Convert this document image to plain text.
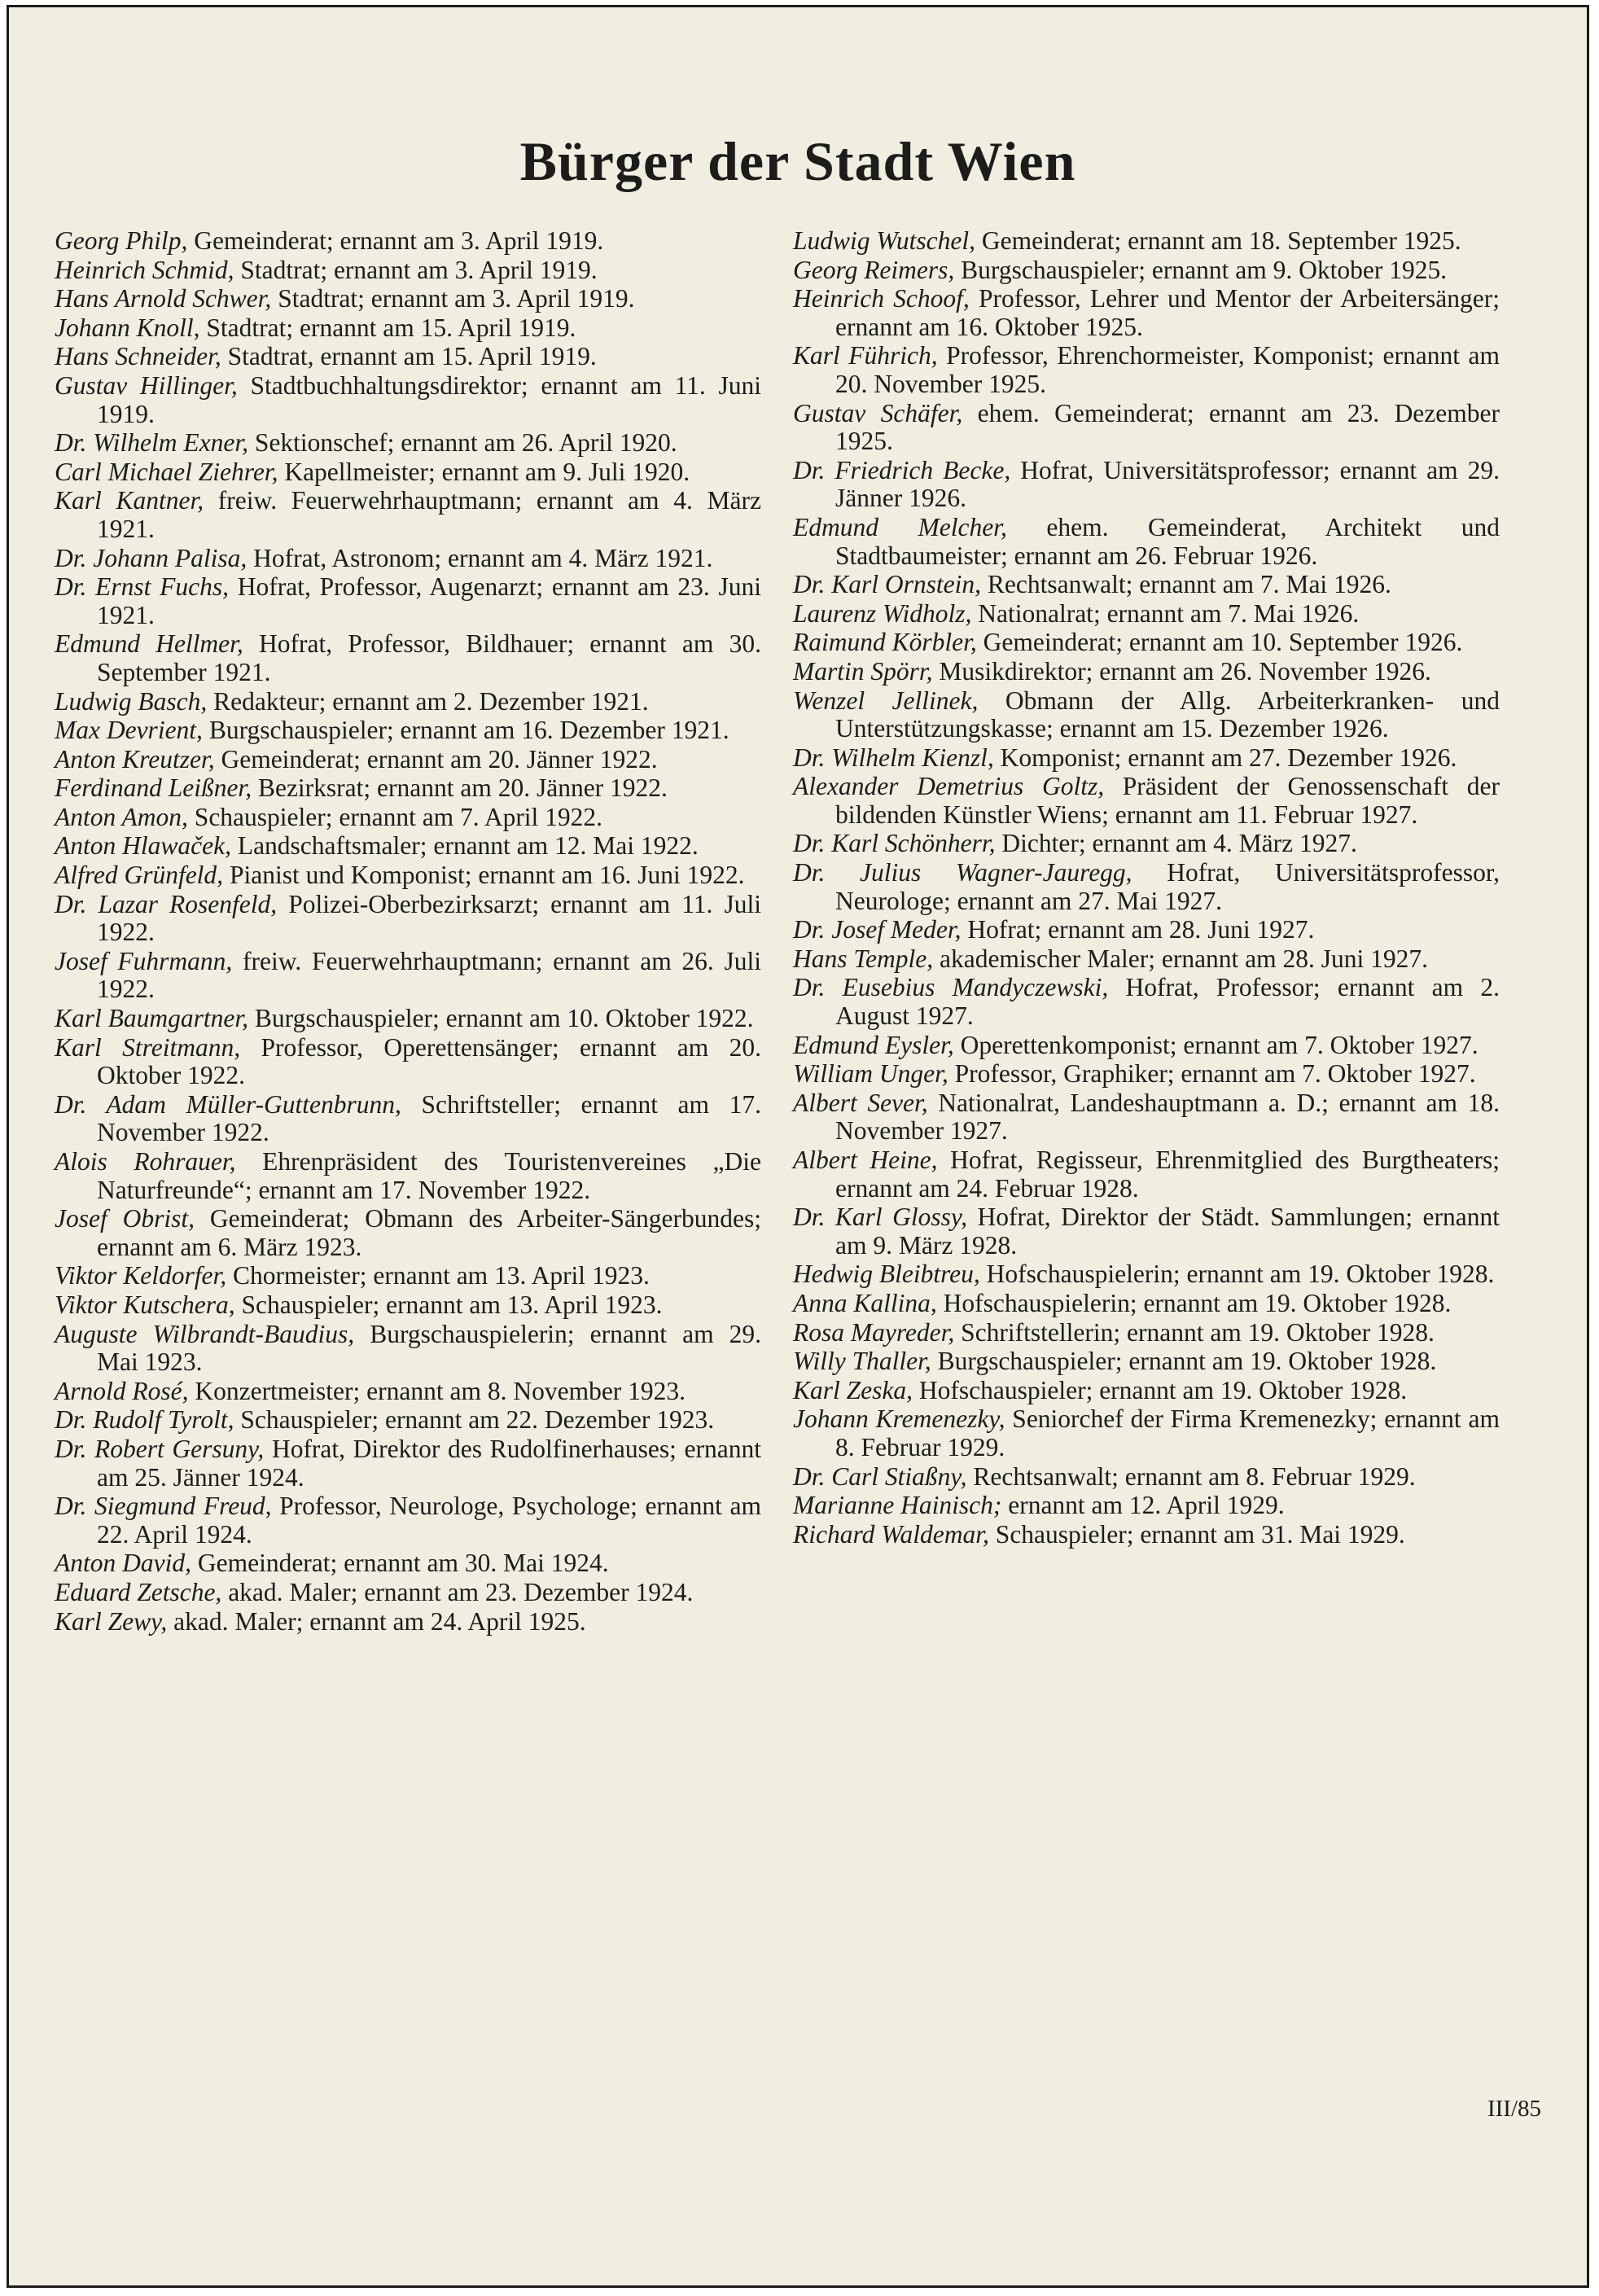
Bürger der Stadt Wien

Georg Philp, Gemeinderat; ernannt am 3. April 1919.

Heinrich Schmid, Stadtrat; ernannt am 3. April 1919.

Hans Arnold Schwer, Stadtrat; ernannt am 3. April 1919.

Johann Knoll, Stadtrat; ernannt am 15. April 1919.

Hans Schneider, Stadtrat, ernannt am 15. April 1919.

Gustav Hillinger, Stadtbuchhaltungsdirektor; ernannt am 11. Juni 1919.

Dr. Wilhelm Exner, Sektionschef; ernannt am 26. April 1920.

Carl Michael Ziehrer, Kapellmeister; ernannt am 9. Juli 1920.

Karl Kantner, freiw. Feuerwehrhauptmann; ernannt am 4. März 1921.

Dr. Johann Palisa, Hofrat, Astronom; ernannt am 4. März 1921.

Dr. Ernst Fuchs, Hofrat, Professor, Augenarzt; ernannt am 23. Juni 1921.

Edmund Hellmer, Hofrat, Professor, Bildhauer; ernannt am 30. September 1921.

Ludwig Basch, Redakteur; ernannt am 2. Dezember 1921.

Max Devrient, Burgschauspieler; ernannt am 16. Dezember 1921.

Anton Kreutzer, Gemeinderat; ernannt am 20. Jänner 1922.

Ferdinand Leißner, Bezirksrat; ernannt am 20. Jänner 1922.

Anton Amon, Schauspieler; ernannt am 7. April 1922.

Anton Hlawaček, Landschaftsmaler; ernannt am 12. Mai 1922.

Alfred Grünfeld, Pianist und Komponist; ernannt am 16. Juni 1922.

Dr. Lazar Rosenfeld, Polizei-Oberbezirksarzt; ernannt am 11. Juli 1922.

Josef Fuhrmann, freiw. Feuerwehrhauptmann; ernannt am 26. Juli 1922.

Karl Baumgartner, Burgschauspieler; ernannt am 10. Oktober 1922.

Karl Streitmann, Professor, Operettensänger; ernannt am 20. Oktober 1922.

Dr. Adam Müller-Guttenbrunn, Schriftsteller; ernannt am 17. November 1922.

Alois Rohrauer, Ehrenpräsident des Touristenvereines „Die Naturfreunde“; ernannt am 17. November 1922.

Josef Obrist, Gemeinderat; Obmann des Arbeiter-Sängerbundes; ernannt am 6. März 1923.

Viktor Keldorfer, Chormeister; ernannt am 13. April 1923.

Viktor Kutschera, Schauspieler; ernannt am 13. April 1923.

Auguste Wilbrandt-Baudius, Burgschauspielerin; ernannt am 29. Mai 1923.

Arnold Rosé, Konzertmeister; ernannt am 8. November 1923.

Dr. Rudolf Tyrolt, Schauspieler; ernannt am 22. Dezember 1923.

Dr. Robert Gersuny, Hofrat, Direktor des Rudolfinerhauses; ernannt am 25. Jänner 1924.

Dr. Siegmund Freud, Professor, Neurologe, Psychologe; ernannt am 22. April 1924.

Anton David, Gemeinderat; ernannt am 30. Mai 1924.

Eduard Zetsche, akad. Maler; ernannt am 23. Dezember 1924.

Karl Zewy, akad. Maler; ernannt am 24. April 1925.

Ludwig Wutschel, Gemeinderat; ernannt am 18. September 1925.

Georg Reimers, Burgschauspieler; ernannt am 9. Oktober 1925.

Heinrich Schoof, Professor, Lehrer und Mentor der Arbeitersänger; ernannt am 16. Oktober 1925.

Karl Führich, Professor, Ehrenchormeister, Komponist; ernannt am 20. November 1925.

Gustav Schäfer, ehem. Gemeinderat; ernannt am 23. Dezember 1925.

Dr. Friedrich Becke, Hofrat, Universitätsprofessor; ernannt am 29. Jänner 1926.

Edmund Melcher, ehem. Gemeinderat, Architekt und Stadtbaumeister; ernannt am 26. Februar 1926.

Dr. Karl Ornstein, Rechtsanwalt; ernannt am 7. Mai 1926.

Laurenz Widholz, Nationalrat; ernannt am 7. Mai 1926.

Raimund Körbler, Gemeinderat; ernannt am 10. September 1926.

Martin Spörr, Musikdirektor; ernannt am 26. November 1926.

Wenzel Jellinek, Obmann der Allg. Arbeiterkranken- und Unterstützungskasse; ernannt am 15. Dezember 1926.

Dr. Wilhelm Kienzl, Komponist; ernannt am 27. Dezember 1926.

Alexander Demetrius Goltz, Präsident der Genossenschaft der bildenden Künstler Wiens; ernannt am 11. Februar 1927.

Dr. Karl Schönherr, Dichter; ernannt am 4. März 1927.

Dr. Julius Wagner-Jauregg, Hofrat, Universitätsprofessor, Neurologe; ernannt am 27. Mai 1927.

Dr. Josef Meder, Hofrat; ernannt am 28. Juni 1927.

Hans Temple, akademischer Maler; ernannt am 28. Juni 1927.

Dr. Eusebius Mandyczewski, Hofrat, Professor; ernannt am 2. August 1927.

Edmund Eysler, Operettenkomponist; ernannt am 7. Oktober 1927.

William Unger, Professor, Graphiker; ernannt am 7. Oktober 1927.

Albert Sever, Nationalrat, Landeshauptmann a. D.; ernannt am 18. November 1927.

Albert Heine, Hofrat, Regisseur, Ehrenmitglied des Burgtheaters; ernannt am 24. Februar 1928.

Dr. Karl Glossy, Hofrat, Direktor der Städt. Sammlungen; ernannt am 9. März 1928.

Hedwig Bleibtreu, Hofschauspielerin; ernannt am 19. Oktober 1928.

Anna Kallina, Hofschauspielerin; ernannt am 19. Oktober 1928.

Rosa Mayreder, Schriftstellerin; ernannt am 19. Oktober 1928.

Willy Thaller, Burgschauspieler; ernannt am 19. Oktober 1928.

Karl Zeska, Hofschauspieler; ernannt am 19. Oktober 1928.

Johann Kremenezky, Seniorchef der Firma Kremenezky; ernannt am 8. Februar 1929.

Dr. Carl Stiaßny, Rechtsanwalt; ernannt am 8. Februar 1929.

Marianne Hainisch; ernannt am 12. April 1929.

Richard Waldemar, Schauspieler; ernannt am 31. Mai 1929.

III/85
